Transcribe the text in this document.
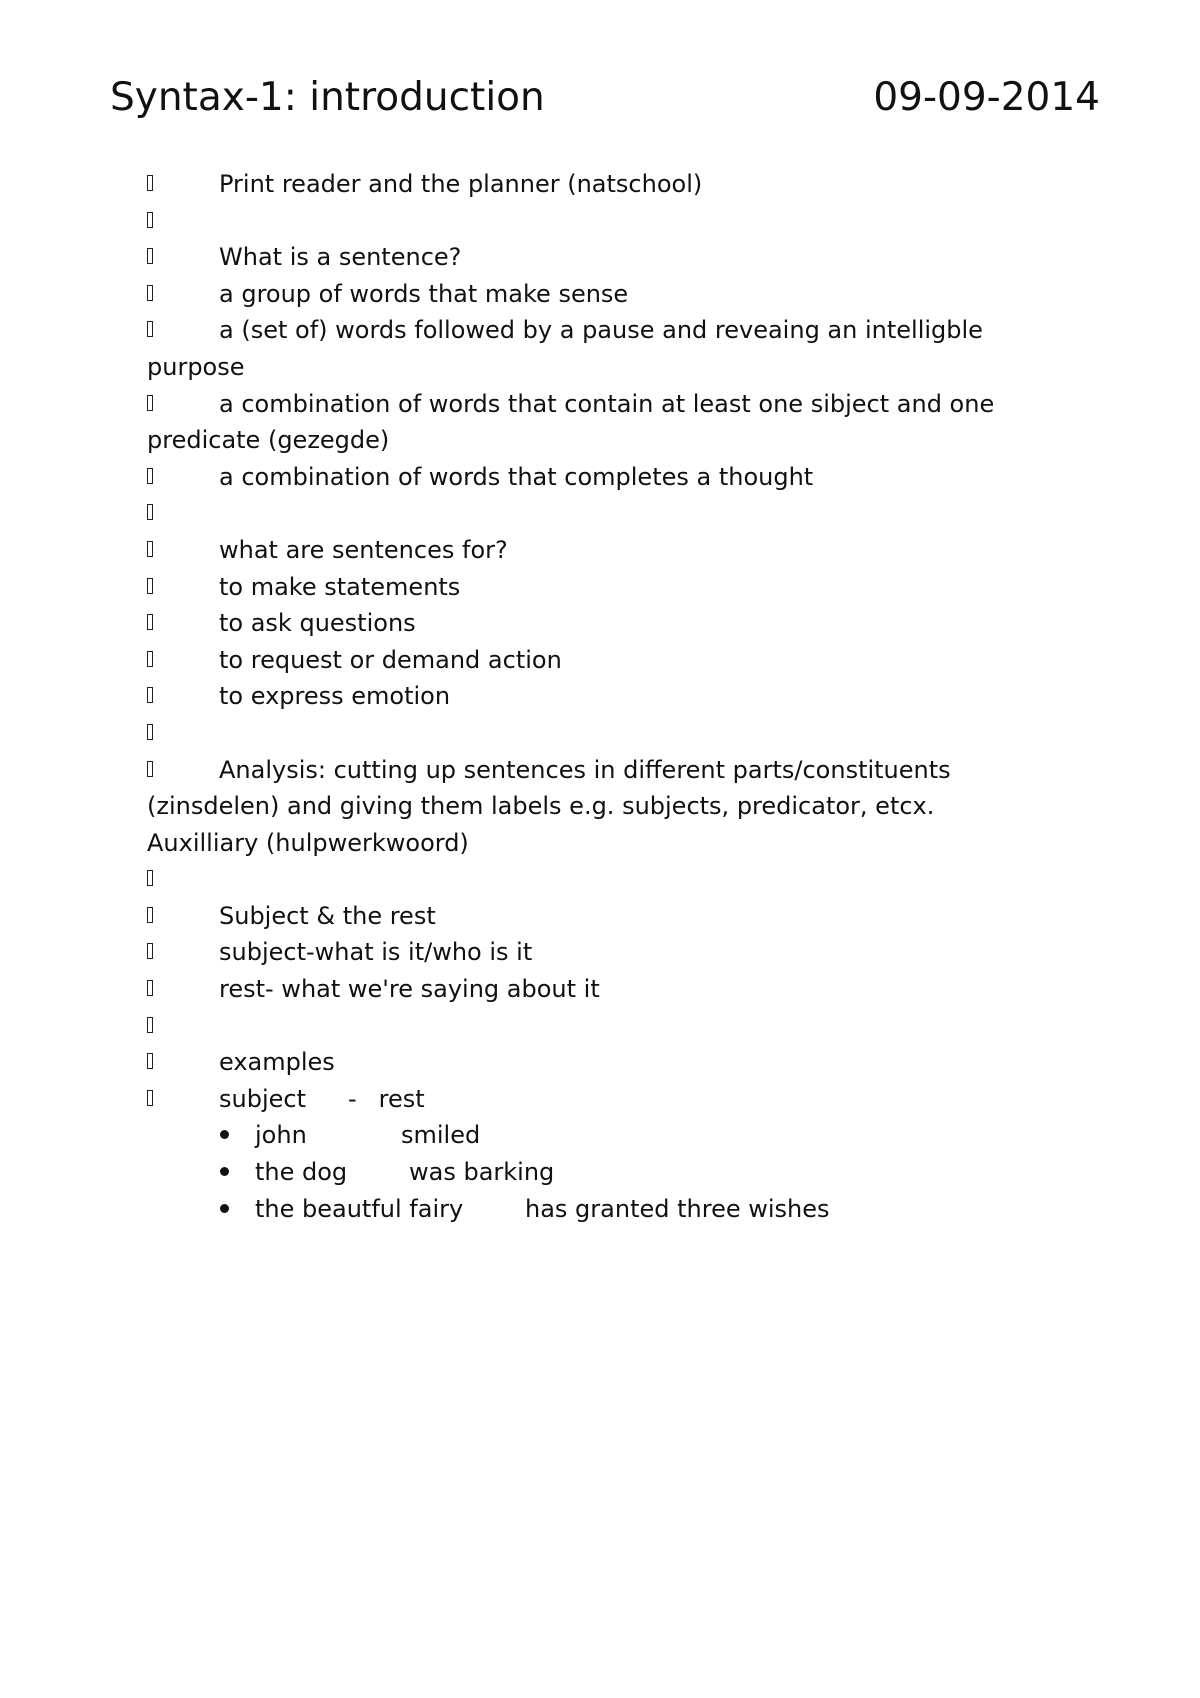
Syntax-1: introduction	09-09-2014
Print reader and the planner (natschool)
What is a sentence?
a group of words that make sense
a (set of) words followed by a pause and reveaing an intelligble
purpose
a combination of words that contain at least one sibject and one
predicate (gezegde)
a combination of words that completes a thought
what are sentences for?
to make statements
to ask questions
to request or demand action
to express emotion
Analysis: cutting up sentences in different parts/constituents
(zinsdelen) and giving them labels e.g. subjects, predicator, etcx.
Auxilliary (hulpwerkwoord)
Subject & the rest
subject-what is it/who is it
rest- what we're saying about it
examples
subject - rest
john	smiled
the dog	was barking
the beautful fairy	has granted three wishes
